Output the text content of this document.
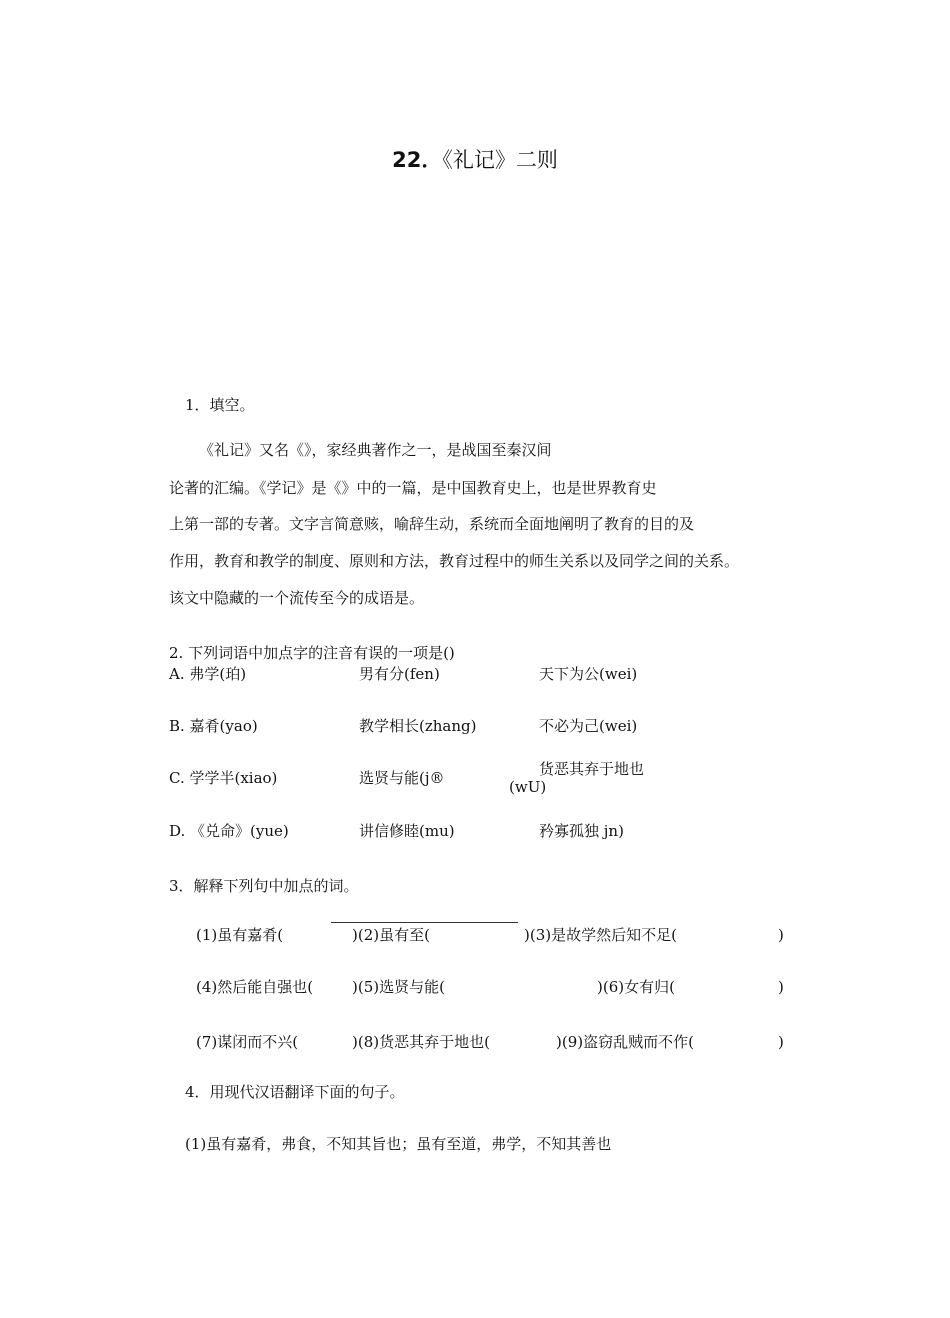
22．《礼记》二则
1．填空。
《礼记》又名《》，家经典著作之一，是战国至秦汉间
论著的汇编。《学记》是《》中的一篇，是中国教育史上，也是世界教育史
上第一部的专著。文字言简意赅，喻辞生动，系统而全面地阐明了教育的目的及
作用，教育和教学的制度、原则和方法，教育过程中的师生关系以及同学之间的关系。
该文中隐藏的一个流传至今的成语是。
2. 下列词语中加点字的注音有误的一项是()
A. 弗学(珀)	男有分(fen)	天下为公(wei)
B. 嘉肴(yao)	教学相长(zhang)	不必为己(wei)
C. 学学半(xiao)	选贤与能(j®	货恶其弃于地也
(wU)
D. 《兑命》(yue)	讲信修睦(mu)	矜寡孤独 jn)
3．解释下列句中加点的词。
(1)虽有嘉肴(	)(2)虽有至(	)(3)是故学然后知不足(	)
(4)然后能自强也(	)(5)选贤与能(	)(6)女有归(	)
(7)谋闭而不兴(	)(8)货恶其弃于地也(	)(9)盗窃乱贼而不作(	)
4．用现代汉语翻译下面的句子。
(1)虽有嘉肴，弗食，不知其旨也；虽有至道，弗学，不知其善也
